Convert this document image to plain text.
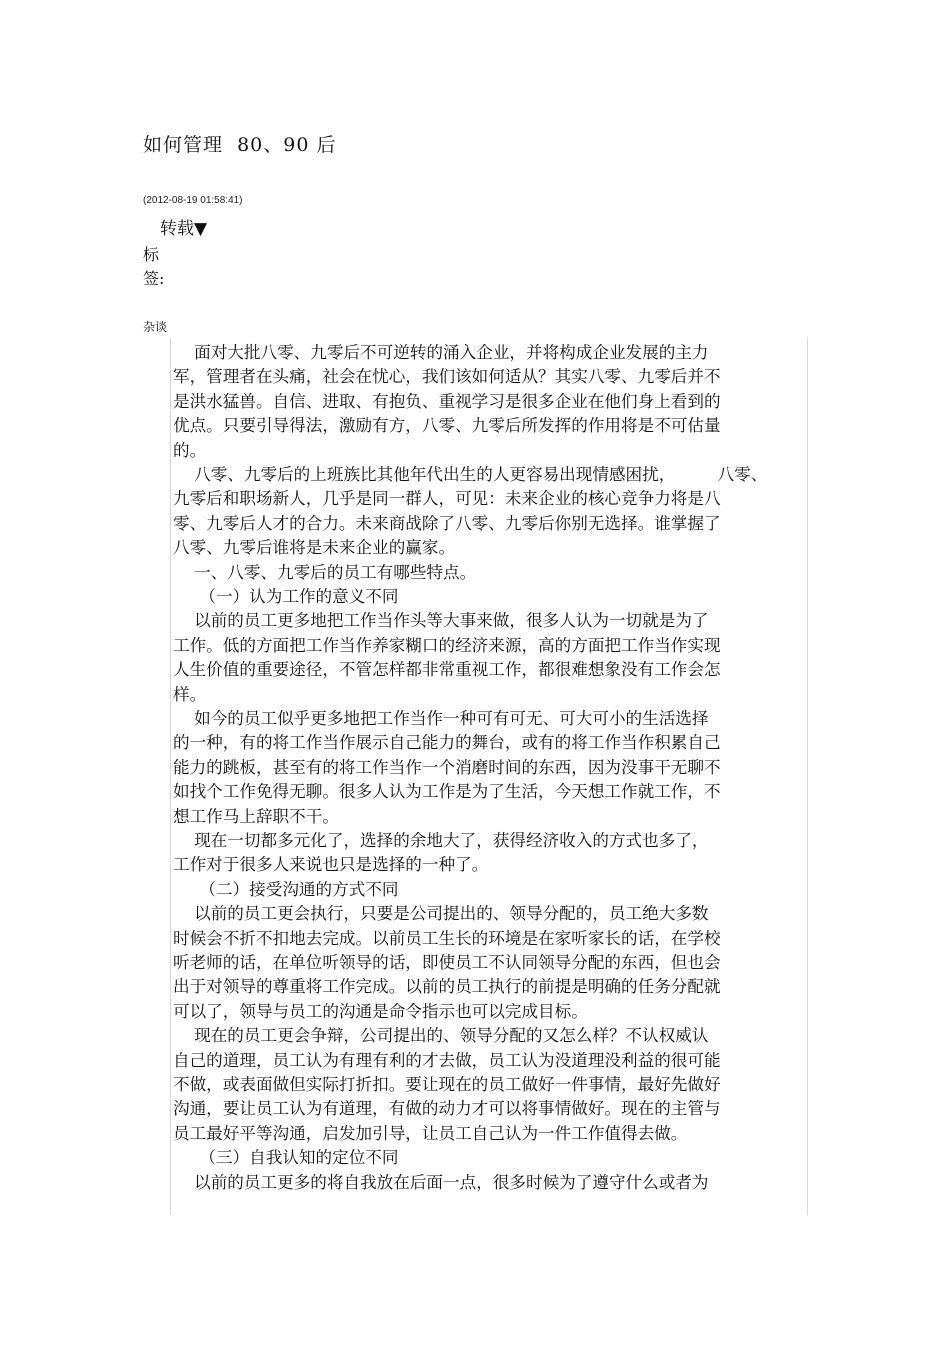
如何管理  80、90 后
(2012-08-19 01:58:41)
转载▼
标
签:
杂谈
面对大批八零、九零后不可逆转的涌入企业，并将构成企业发展的主力
军，管理者在头痛，社会在忧心，我们该如何适从？其实八零、九零后并不
是洪水猛兽。自信、进取、有抱负、重视学习是很多企业在他们身上看到的
优点。只要引导得法，激励有方，八零、九零后所发挥的作用将是不可估量
的。
八零、九零后的上班族比其他年代出生的人更容易出现情感困扰，        八零、
九零后和职场新人，几乎是同一群人，可见：未来企业的核心竞争力将是八
零、九零后人才的合力。未来商战除了八零、九零后你别无选择。谁掌握了
八零、九零后谁将是未来企业的赢家。
一、八零、九零后的员工有哪些特点。
（一）认为工作的意义不同
以前的员工更多地把工作当作头等大事来做，很多人认为一切就是为了
工作。低的方面把工作当作养家糊口的经济来源，高的方面把工作当作实现
人生价值的重要途径，不管怎样都非常重视工作，都很难想象没有工作会怎
样。
如今的员工似乎更多地把工作当作一种可有可无、可大可小的生活选择
的一种，有的将工作当作展示自己能力的舞台，或有的将工作当作积累自己
能力的跳板，甚至有的将工作当作一个消磨时间的东西，因为没事干无聊不
如找个工作免得无聊。很多人认为工作是为了生活，今天想工作就工作，不
想工作马上辞职不干。
现在一切都多元化了，选择的余地大了，获得经济收入的方式也多了，
工作对于很多人来说也只是选择的一种了。
（二）接受沟通的方式不同
以前的员工更会执行，只要是公司提出的、领导分配的，员工绝大多数
时候会不折不扣地去完成。以前员工生长的环境是在家听家长的话，在学校
听老师的话，在单位听领导的话，即使员工不认同领导分配的东西，但也会
出于对领导的尊重将工作完成。以前的员工执行的前提是明确的任务分配就
可以了，领导与员工的沟通是命令指示也可以完成目标。
现在的员工更会争辩，公司提出的、领导分配的又怎么样？不认权威认
自己的道理，员工认为有理有利的才去做，员工认为没道理没利益的很可能
不做，或表面做但实际打折扣。要让现在的员工做好一件事情，最好先做好
沟通，要让员工认为有道理，有做的动力才可以将事情做好。现在的主管与
员工最好平等沟通，启发加引导，让员工自己认为一件工作值得去做。
（三）自我认知的定位不同
以前的员工更多的将自我放在后面一点，很多时候为了遵守什么或者为
